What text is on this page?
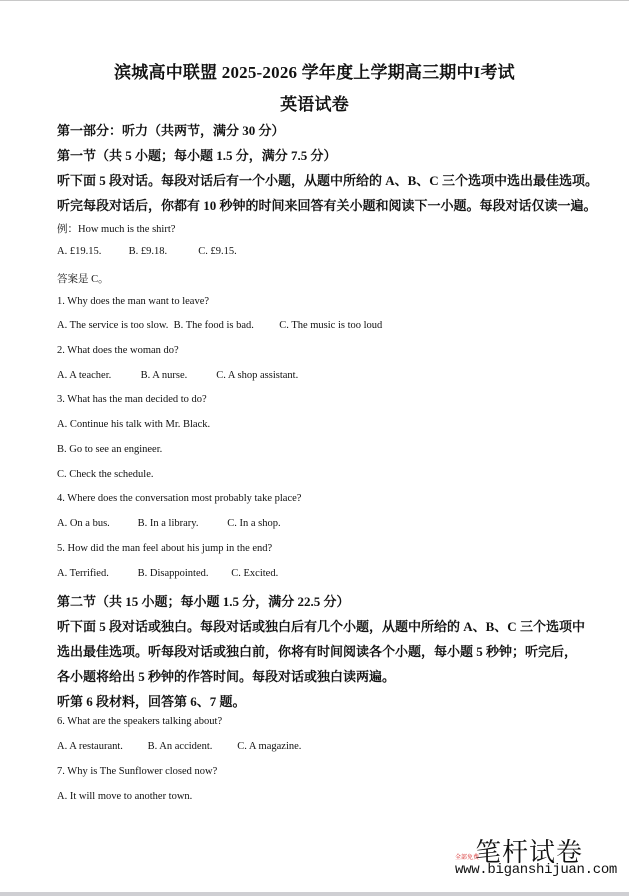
滨城高中联盟 2025-2026 学年度上学期高三期中I考试
英语试卷
第一部分：听力（共两节，满分 30 分）
第一节（共 5 小题；每小题 1.5 分，满分 7.5 分）
听下面 5 段对话。每段对话后有一个小题，从题中所给的 A、B、C 三个选项中选出最佳选项。
听完每段对话后，你都有 10 秒钟的时间来回答有关小题和阅读下一小题。每段对话仅读一遍。
例：How much is the shirt?
A. £19.15.	B. £9.18.	C. £9.15.
答案是 C。
1. Why does the man want to leave?
A. The service is too slow. B. The food is bad. C. The music is too loud
2. What does the woman do?
A. A teacher.	B. A nurse.	C. A shop assistant.
3. What has the man decided to do?
A. Continue his talk with Mr. Black.
B. Go to see an engineer.
C. Check the schedule.
4. Where does the conversation most probably take place?
A. On a bus.	B. In a library.	C. In a shop.
5. How did the man feel about his jump in the end?
A. Terrified.	B. Disappointed. C. Excited.
第二节（共 15 小题；每小题 1.5 分，满分 22.5 分）
听下面 5 段对话或独白。每段对话或独白后有几个小题，从题中所给的 A、B、C 三个选项中
选出最佳选项。听每段对话或独白前，你将有时间阅读各个小题，每小题 5 秒钟；听完后，
各小题将给出 5 秒钟的作答时间。每段对话或独白读两遍。
听第 6 段材料，回答第 6、7 题。
6. What are the speakers talking about?
A. A restaurant. B. An accident. C. A magazine.
7. Why is The Sunflower closed now?
A. It will move to another town.
笔杆试卷
全部免费
www.biganshijuan.com
